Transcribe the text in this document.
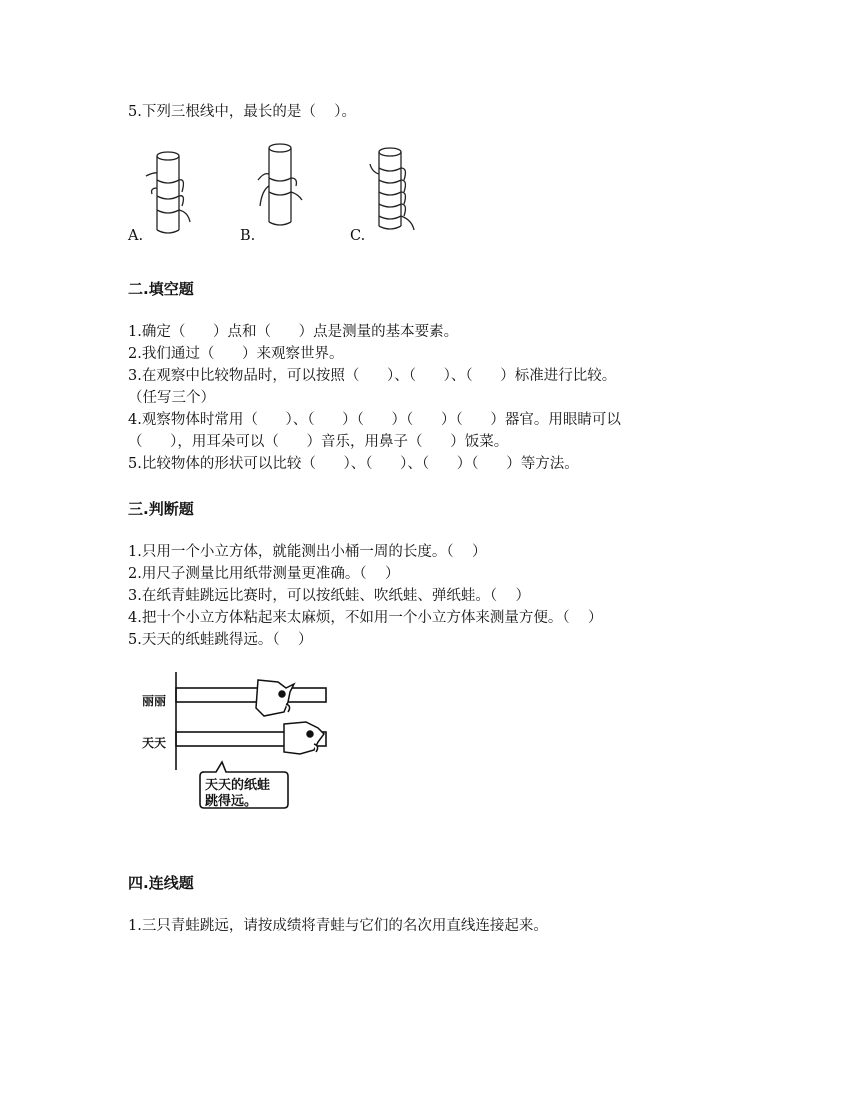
5.下列三根线中，最长的是（    ）。
A.	B.	C.
二.填空题
1.确定（      ）点和（      ）点是测量的基本要素。
2.我们通过（      ）来观察世界。
3.在观察中比较物品时，可以按照（      ）、（      ）、（      ）标准进行比较。
（任写三个）
4.观察物体时常用（      ）、（      ）（      ）（      ）（      ）器官。用眼睛可以
（      ），用耳朵可以（      ）音乐，用鼻子（      ）饭菜。
5.比较物体的形状可以比较（      ）、（      ）、（      ）（      ）等方法。
三.判断题
1.只用一个小立方体，就能测出小桶一周的长度。（    ）
2.用尺子测量比用纸带测量更准确。（    ）
3.在纸青蛙跳远比赛时，可以按纸蛙、吹纸蛙、弹纸蛙。（    ）
4.把十个小立方体粘起来太麻烦，不如用一个小立方体来测量方便。（    ）
5.天天的纸蛙跳得远。（    ）
丽丽
天天
天天的纸蛙
跳得远。
四.连线题
1.三只青蛙跳远，请按成绩将青蛙与它们的名次用直线连接起来。
